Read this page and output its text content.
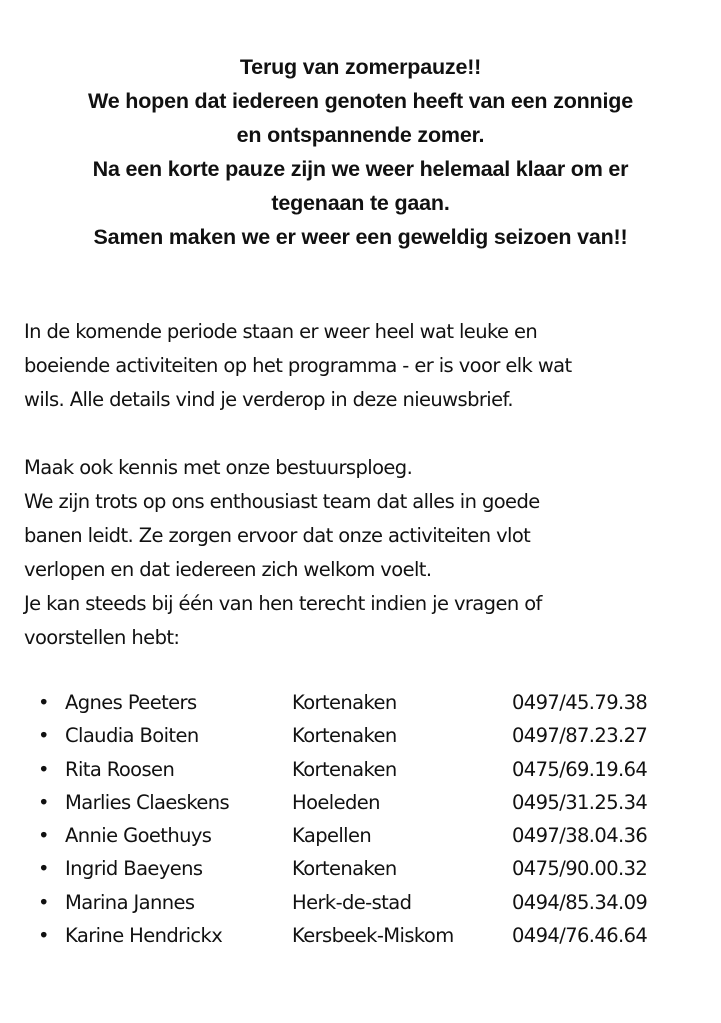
Terug van zomerpauze!!
We hopen dat iedereen genoten heeft van een zonnige
en ontspannende zomer.
Na een korte pauze zijn we weer helemaal klaar om er
tegenaan te gaan.
Samen maken we er weer een geweldig seizoen van!!

In de komende periode staan er weer heel wat leuke en

boeiende activiteiten op het programma - er is voor elk wat

wils. Alle details vind je verderop in deze nieuwsbrief.

Maak ook kennis met onze bestuursploeg.

We zijn trots op ons enthousiast team dat alles in goede

banen leidt. Ze zorgen ervoor dat onze activiteiten vlot

verlopen en dat iedereen zich welkom voelt.

Je kan steeds bij één van hen terecht indien je vragen of

voorstellen hebt:

• Agnes Peeters	Kortenaken	0497/45.79.38
• Claudia Boiten	Kortenaken	0497/87.23.27
• Rita Roosen	Kortenaken	0475/69.19.64
• Marlies Claeskens	Hoeleden	0495/31.25.34
• Annie Goethuys	Kapellen	0497/38.04.36
• Ingrid Baeyens	Kortenaken	0475/90.00.32
• Marina Jannes	Herk-de-stad	0494/85.34.09
• Karine Hendrickx	Kersbeek-Miskom	0494/76.46.64
